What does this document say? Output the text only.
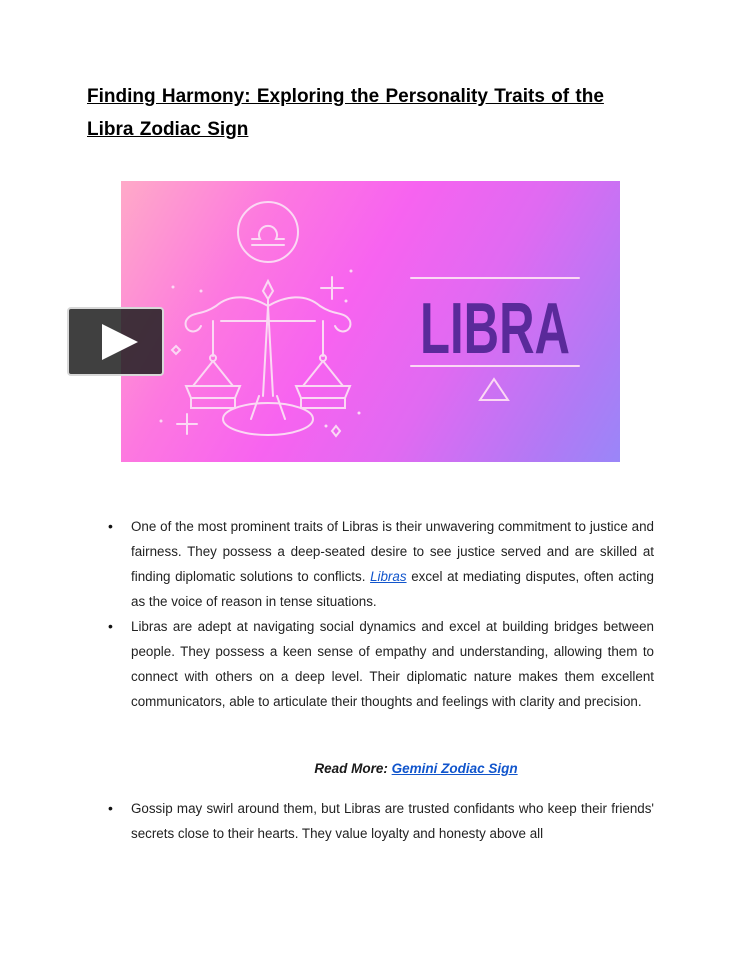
Finding Harmony: Exploring the Personality Traits of the Libra Zodiac Sign
LIBRA
• One of the most prominent traits of Libras is their unwavering commitment to justice and fairness. They possess a deep-seated desire to see justice served and are skilled at finding diplomatic solutions to conflicts. Libras excel at mediating disputes, often acting as the voice of reason in tense situations.
• Libras are adept at navigating social dynamics and excel at building bridges between people. They possess a keen sense of empathy and understanding, allowing them to connect with others on a deep level. Their diplomatic nature makes them excellent communicators, able to articulate their thoughts and feelings with clarity and precision.
Read More: Gemini Zodiac Sign
• Gossip may swirl around them, but Libras are trusted confidants who keep their friends' secrets close to their hearts. They value loyalty and honesty above all
